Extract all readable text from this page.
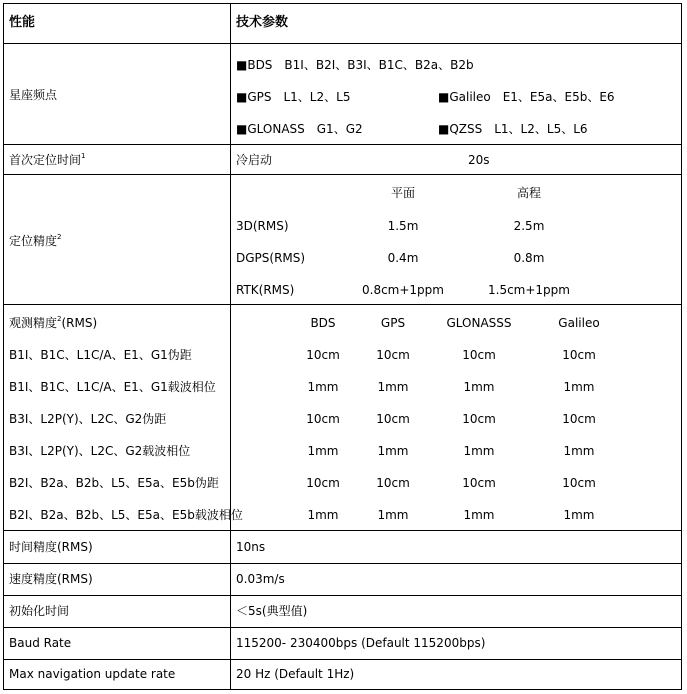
性能	技术参数
星座频点
■BDS　B1I、B2I、B3I、B1C、B2a、B2b
■GPS　L1、L2、L5	■Galileo　E1、E5a、E5b、E6
■GLONASS　G1、G2	■QZSS　L1、L2、L5、L6
首次定位时间$^1$	冷启动	20s
定位精度$^2$
平面	高程
3D(RMS)	1.5m	2.5m
DGPS(RMS)	0.4m	0.8m
RTK(RMS)	0.8cm+1ppm	1.5cm+1ppm
观测精度$^2$(RMS)	BDS	GPS	GLONASSS	Galileo
B1I、B1C、L1C/A、E1、G1伪距	10cm	10cm	10cm	10cm
B1I、B1C、L1C/A、E1、G1载波相位	1mm	1mm	1mm	1mm
B3I、L2P(Y)、L2C、G2伪距	10cm	10cm	10cm	10cm
B3I、L2P(Y)、L2C、G2载波相位	1mm	1mm	1mm	1mm
B2I、B2a、B2b、L5、E5a、E5b伪距	10cm	10cm	10cm	10cm
B2I、B2a、B2b、L5、E5a、E5b载波相位	1mm	1mm	1mm	1mm
时间精度(RMS)	10ns
速度精度(RMS)	0.03m/s
初始化时间	＜5s(典型值)
Baud Rate	115200- 230400bps (Default 115200bps)
Max navigation update rate	20 Hz (Default 1Hz)
